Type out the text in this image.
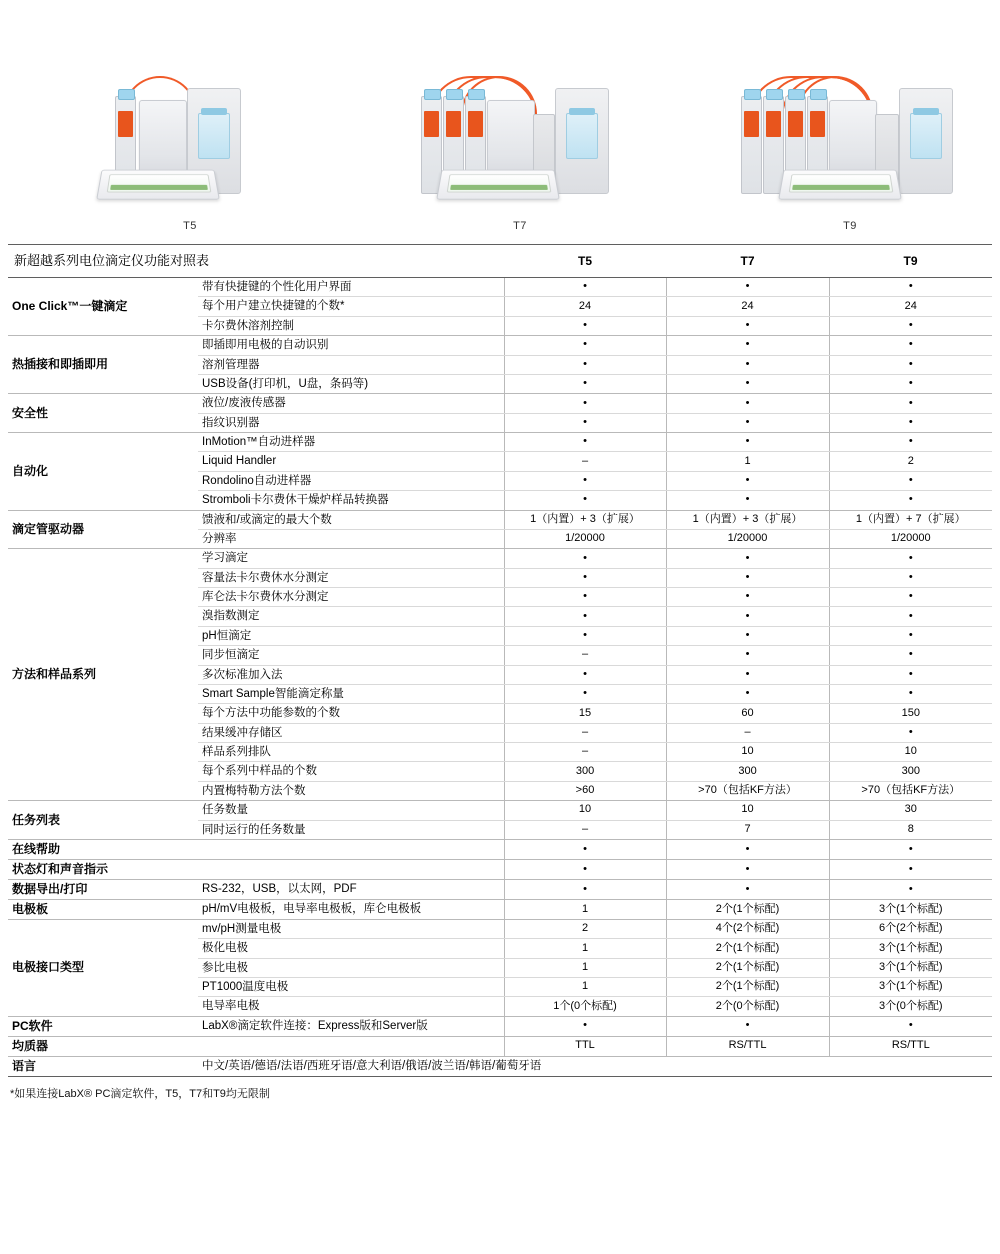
T5	T7	T9
新超越系列电位滴定仪功能对照表		T5	T7	T9
One Click™一键滴定	带有快捷键的个性化用户界面	•	•	•
	每个用户建立快捷键的个数*	24	24	24
	卡尔费休溶剂控制	•	•	•
热插接和即插即用	即插即用电极的自动识别	•	•	•
	溶剂管理器	•	•	•
	USB设备(打印机，U盘，条码等)	•	•	•
安全性	液位/废液传感器	•	•	•
	指纹识别器	•	•	•
自动化	InMotion™自动进样器	•	•	•
	Liquid Handler	–	1	2
	Rondolino自动进样器	•	•	•
	Stromboli卡尔费休干燥炉样品转换器	•	•	•
滴定管驱动器	馈液和/或滴定的最大个数	1（内置）+ 3（扩展）	1（内置）+ 3（扩展）	1（内置）+ 7（扩展）
	分辨率	1/20000	1/20000	1/20000
方法和样品系列	学习滴定	•	•	•
	容量法卡尔费休水分测定	•	•	•
	库仑法卡尔费休水分测定	•	•	•
	溴指数测定	•	•	•
	pH恒滴定	•	•	•
	同步恒滴定	–	•	•
	多次标准加入法	•	•	•
	Smart Sample智能滴定称量	•	•	•
	每个方法中功能参数的个数	15	60	150
	结果缓冲存储区	–	–	•
	样品系列排队	–	10	10
	每个系列中样品的个数	300	300	300
	内置梅特勒方法个数	>60	>70（包括KF方法）	>70（包括KF方法）
任务列表	任务数量	10	10	30
	同时运行的任务数量	–	7	8
在线帮助		•	•	•
状态灯和声音指示		•	•	•
数据导出/打印	RS-232，USB，以太网，PDF	•	•	•
电极板	pH/mV电极板，电导率电极板，库仑电极板	1	2个(1个标配)	3个(1个标配)
电极接口类型	mv/pH测量电极	2	4个(2个标配)	6个(2个标配)
	极化电极	1	2个(1个标配)	3个(1个标配)
	参比电极	1	2个(1个标配)	3个(1个标配)
	PT1000温度电极	1	2个(1个标配)	3个(1个标配)
	电导率电极	1个(0个标配)	2个(0个标配)	3个(0个标配)
PC软件	LabX®滴定软件连接：Express版和Server版	•	•	•
均质器		TTL	RS/TTL	RS/TTL
语言	中文/英语/德语/法语/西班牙语/意大利语/俄语/波兰语/韩语/葡萄牙语			
*如果连接LabX® PC滴定软件，T5，T7和T9均无限制
